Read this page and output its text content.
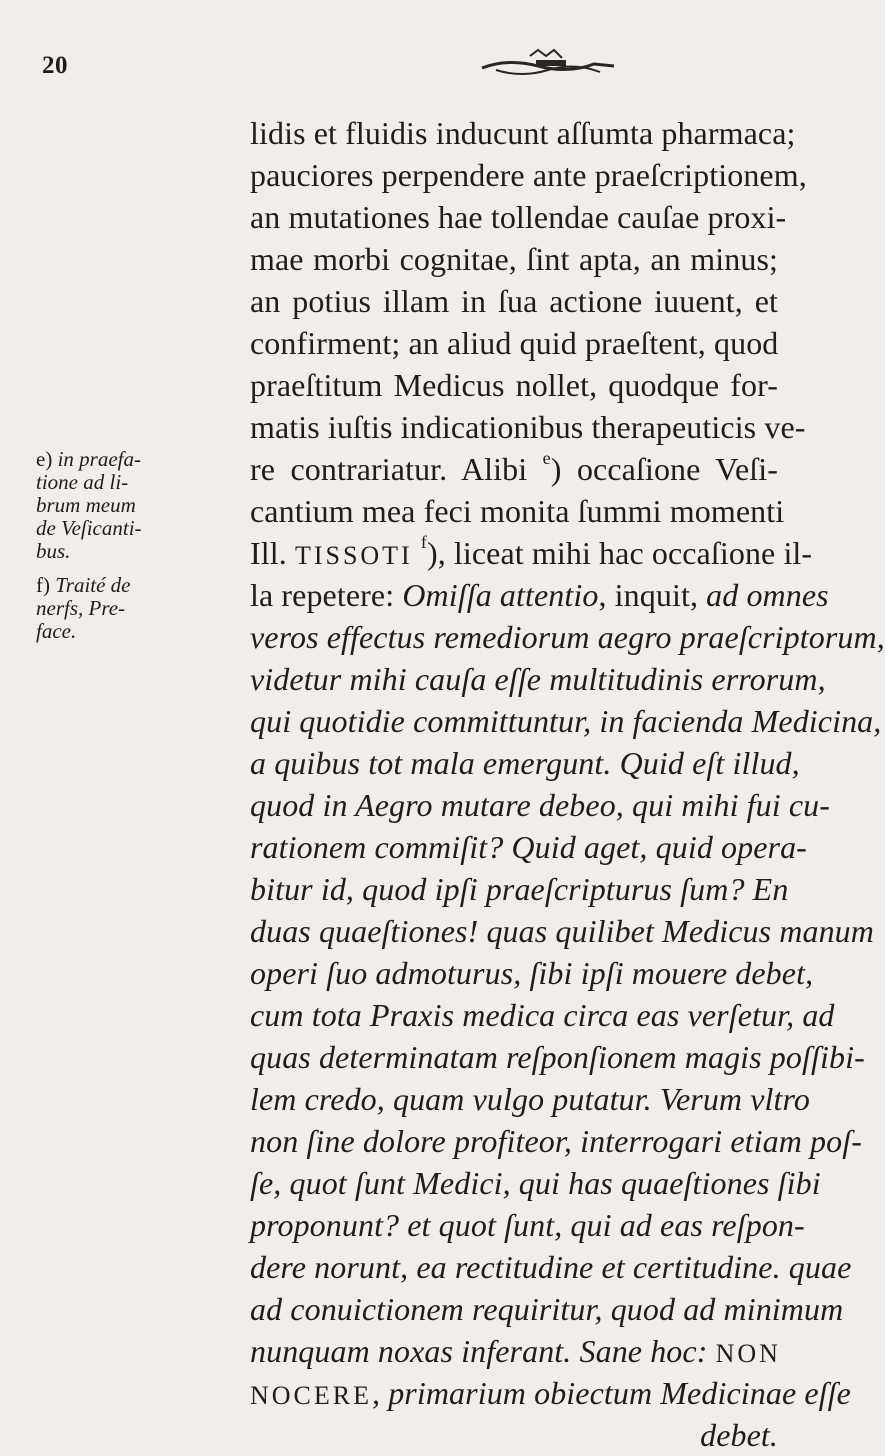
20
lidis et fluidis inducunt aſſumta pharmaca;
pauciores perpendere ante praeſcriptionem,
an mutationes hae tollendae cauſae proxi-
mae morbi cognitae, ſint apta, an minus;
an potius illam in ſua actione iuuent, et
confirment; an aliud quid praeſtent, quod
praeſtitum Medicus nollet, quodque for-
matis iuſtis indicationibus therapeuticis ve-
re contrariatur. Alibi $^e$) occaſione Veſi-
cantium mea feci monita ſummi momenti
Ill. TISSOTI $^f$), liceat mihi hac occaſione il-
la repetere: Omiſſa attentio, inquit, ad omnes
veros effectus remediorum aegro praeſcriptorum,
videtur mihi cauſa eſſe multitudinis errorum,
qui quotidie committuntur, in facienda Medicina,
a quibus tot mala emergunt. Quid eſt illud,
quod in Aegro mutare debeo, qui mihi fui cu-
rationem commiſit? Quid aget, quid opera-
bitur id, quod ipſi praeſcripturus ſum? En
duas quaeſtiones! quas quilibet Medicus manum
operi ſuo admoturus, ſibi ipſi mouere debet,
cum tota Praxis medica circa eas verſetur, ad
quas determinatam reſponſionem magis poſſibi-
lem credo, quam vulgo putatur. Verum vltro
non ſine dolore profiteor, interrogari etiam poſ-
ſe, quot ſunt Medici, qui has quaeſtiones ſibi
proponunt? et quot ſunt, qui ad eas reſpon-
dere norunt, ea rectitudine et certitudine. quae
ad conuictionem requiritur, quod ad minimum
nunquam noxas inferant. Sane hoc: NON
NOCERE, primarium obiectum Medicinae eſſe
debet.
e) in praefa-
tione ad li-
brum meum
de Veſicanti-
bus.
f) Traité de
nerfs, Pre-
face.
